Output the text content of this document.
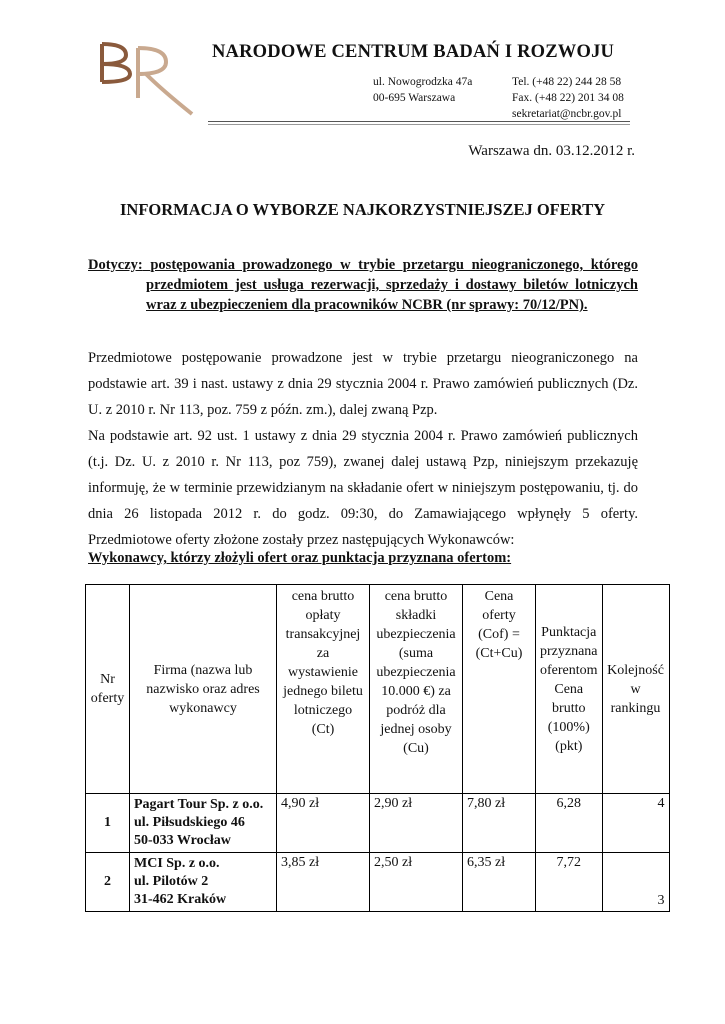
NARODOWE CENTRUM BADAŃ I ROZWOJU
ul. Nowogrodzka 47a
00-695 Warszawa
Tel. (+48 22) 244 28 58
Fax. (+48 22) 201 34 08
sekretariat@ncbr.gov.pl
Warszawa dn. 03.12.2012 r.
INFORMACJA O WYBORZE NAJKORZYSTNIEJSZEJ OFERTY
Dotyczy: postępowania prowadzonego w trybie przetargu nieograniczonego, którego
przedmiotem jest usługa rezerwacji, sprzedaży i dostawy biletów lotniczych
wraz z ubezpieczeniem dla pracowników NCBR (nr sprawy: 70/12/PN).

Przedmiotowe postępowanie prowadzone jest w trybie przetargu nieograniczonego na
podstawie art. 39 i nast. ustawy z dnia 29 stycznia 2004 r. Prawo zamówień publicznych (Dz.
U. z 2010 r. Nr 113, poz. 759 z późn. zm.), dalej zwaną Pzp.

Na podstawie art. 92 ust. 1 ustawy z dnia 29 stycznia 2004 r. Prawo zamówień publicznych
(t.j. Dz. U. z 2010 r. Nr 113, poz 759), zwanej dalej ustawą Pzp, niniejszym przekazuję
informuję, że w terminie przewidzianym na składanie ofert w niniejszym postępowaniu, tj. do
dnia 26 listopada 2012 r. do godz. 09:30, do Zamawiającego wpłynęły 5 oferty.
Przedmiotowe oferty złożone zostały przez następujących Wykonawców:

Wykonawcy, którzy złożyli ofert oraz punktacja przyznana ofertom:
Nr oferty	Firma (nazwa lub nazwisko oraz adres wykonawcy	cena brutto opłaty transakcyjnej za wystawienie jednego biletu lotniczego (Ct)	cena brutto składki ubezpieczenia (suma ubezpieczenia 10.000 €) za podróż dla jednej osoby (Cu)	Cena oferty (Cof) =(Ct+Cu)	Punktacja przyznana oferentom Cena brutto (100%) (pkt)	Kolejność w rankingu
1	Pagart Tour Sp. z o.o.
ul. Piłsudskiego 46
50-033 Wrocław	4,90 zł	2,90 zł	7,80 zł	6,28	4
2	MCI Sp. z o.o.
ul. Pilotów 2
31-462 Kraków	3,85 zł	2,50 zł	6,35 zł	7,72	3
